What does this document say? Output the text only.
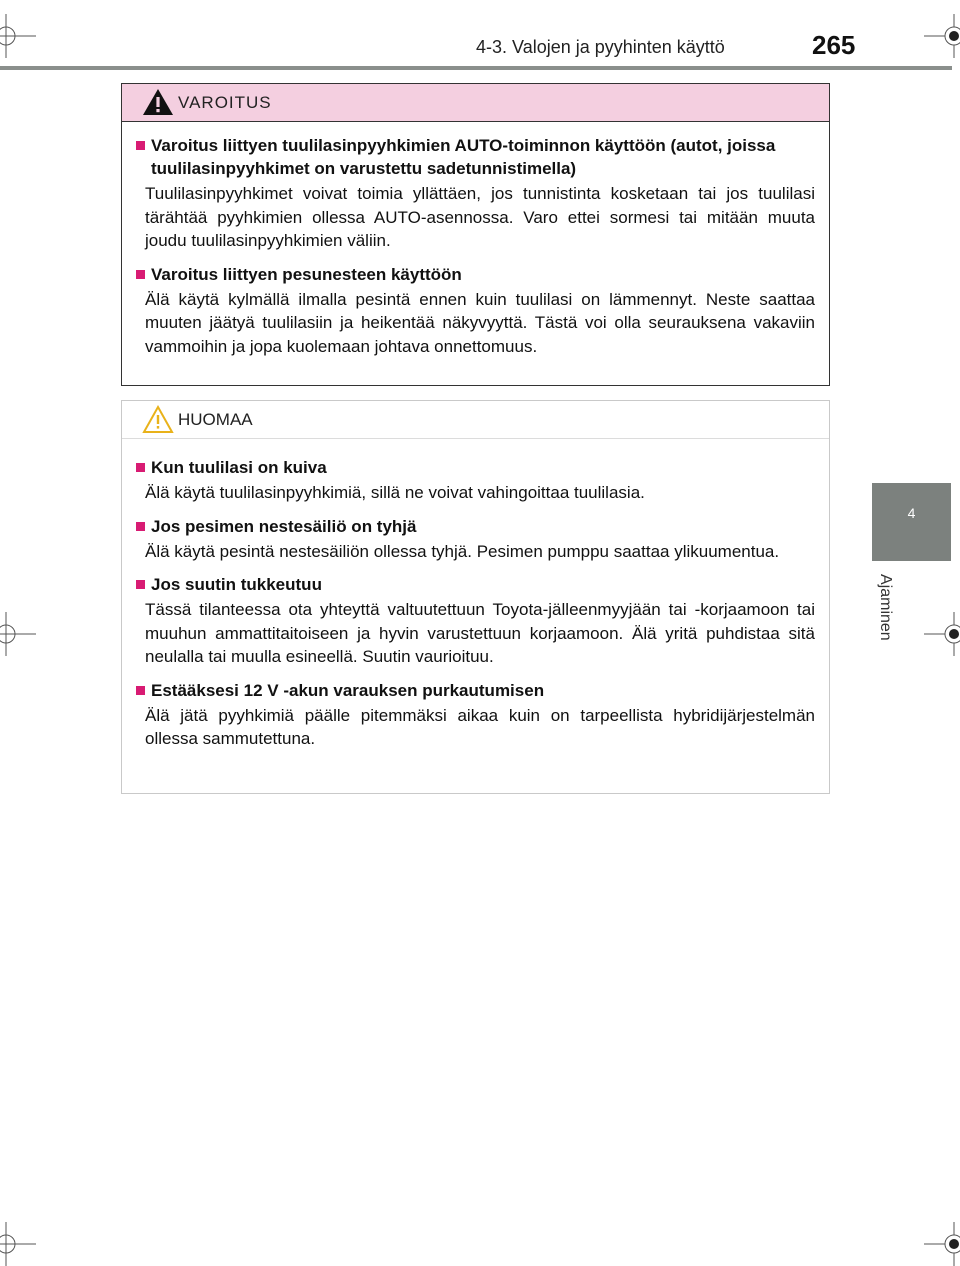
4-3. Valojen ja pyyhinten käyttö	265
4
Ajaminen
VAROITUS
Varoitus liittyen tuulilasinpyyhkimien AUTO-toiminnon käyttöön (autot, joissa tuulilasinpyyhkimet on varustettu sadetunnistimella)
Tuulilasinpyyhkimet voivat toimia yllättäen, jos tunnistinta kosketaan tai jos tuulilasi tärähtää pyyhkimien ollessa AUTO-asennossa. Varo ettei sormesi tai mitään muuta joudu tuulilasinpyyhkimien väliin.
Varoitus liittyen pesunesteen käyttöön
Älä käytä kylmällä ilmalla pesintä ennen kuin tuulilasi on lämmennyt. Neste saattaa muuten jäätyä tuulilasiin ja heikentää näkyvyyttä. Tästä voi olla seurauksena vakaviin vammoihin ja jopa kuolemaan johtava onnettomuus.
HUOMAA
Kun tuulilasi on kuiva
Älä käytä tuulilasinpyyhkimiä, sillä ne voivat vahingoittaa tuulilasia.
Jos pesimen nestesäiliö on tyhjä
Älä käytä pesintä nestesäiliön ollessa tyhjä. Pesimen pumppu saattaa ylikuumentua.
Jos suutin tukkeutuu
Tässä tilanteessa ota yhteyttä valtuutettuun Toyota-jälleenmyyjään tai -korjaamoon tai muuhun ammattitaitoiseen ja hyvin varustettuun korjaamoon. Älä yritä puhdistaa sitä neulalla tai muulla esineellä. Suutin vaurioituu.
Estääksesi 12 V -akun varauksen purkautumisen
Älä jätä pyyhkimiä päälle pitemmäksi aikaa kuin on tarpeellista hybridijärjestelmän ollessa sammutettuna.
